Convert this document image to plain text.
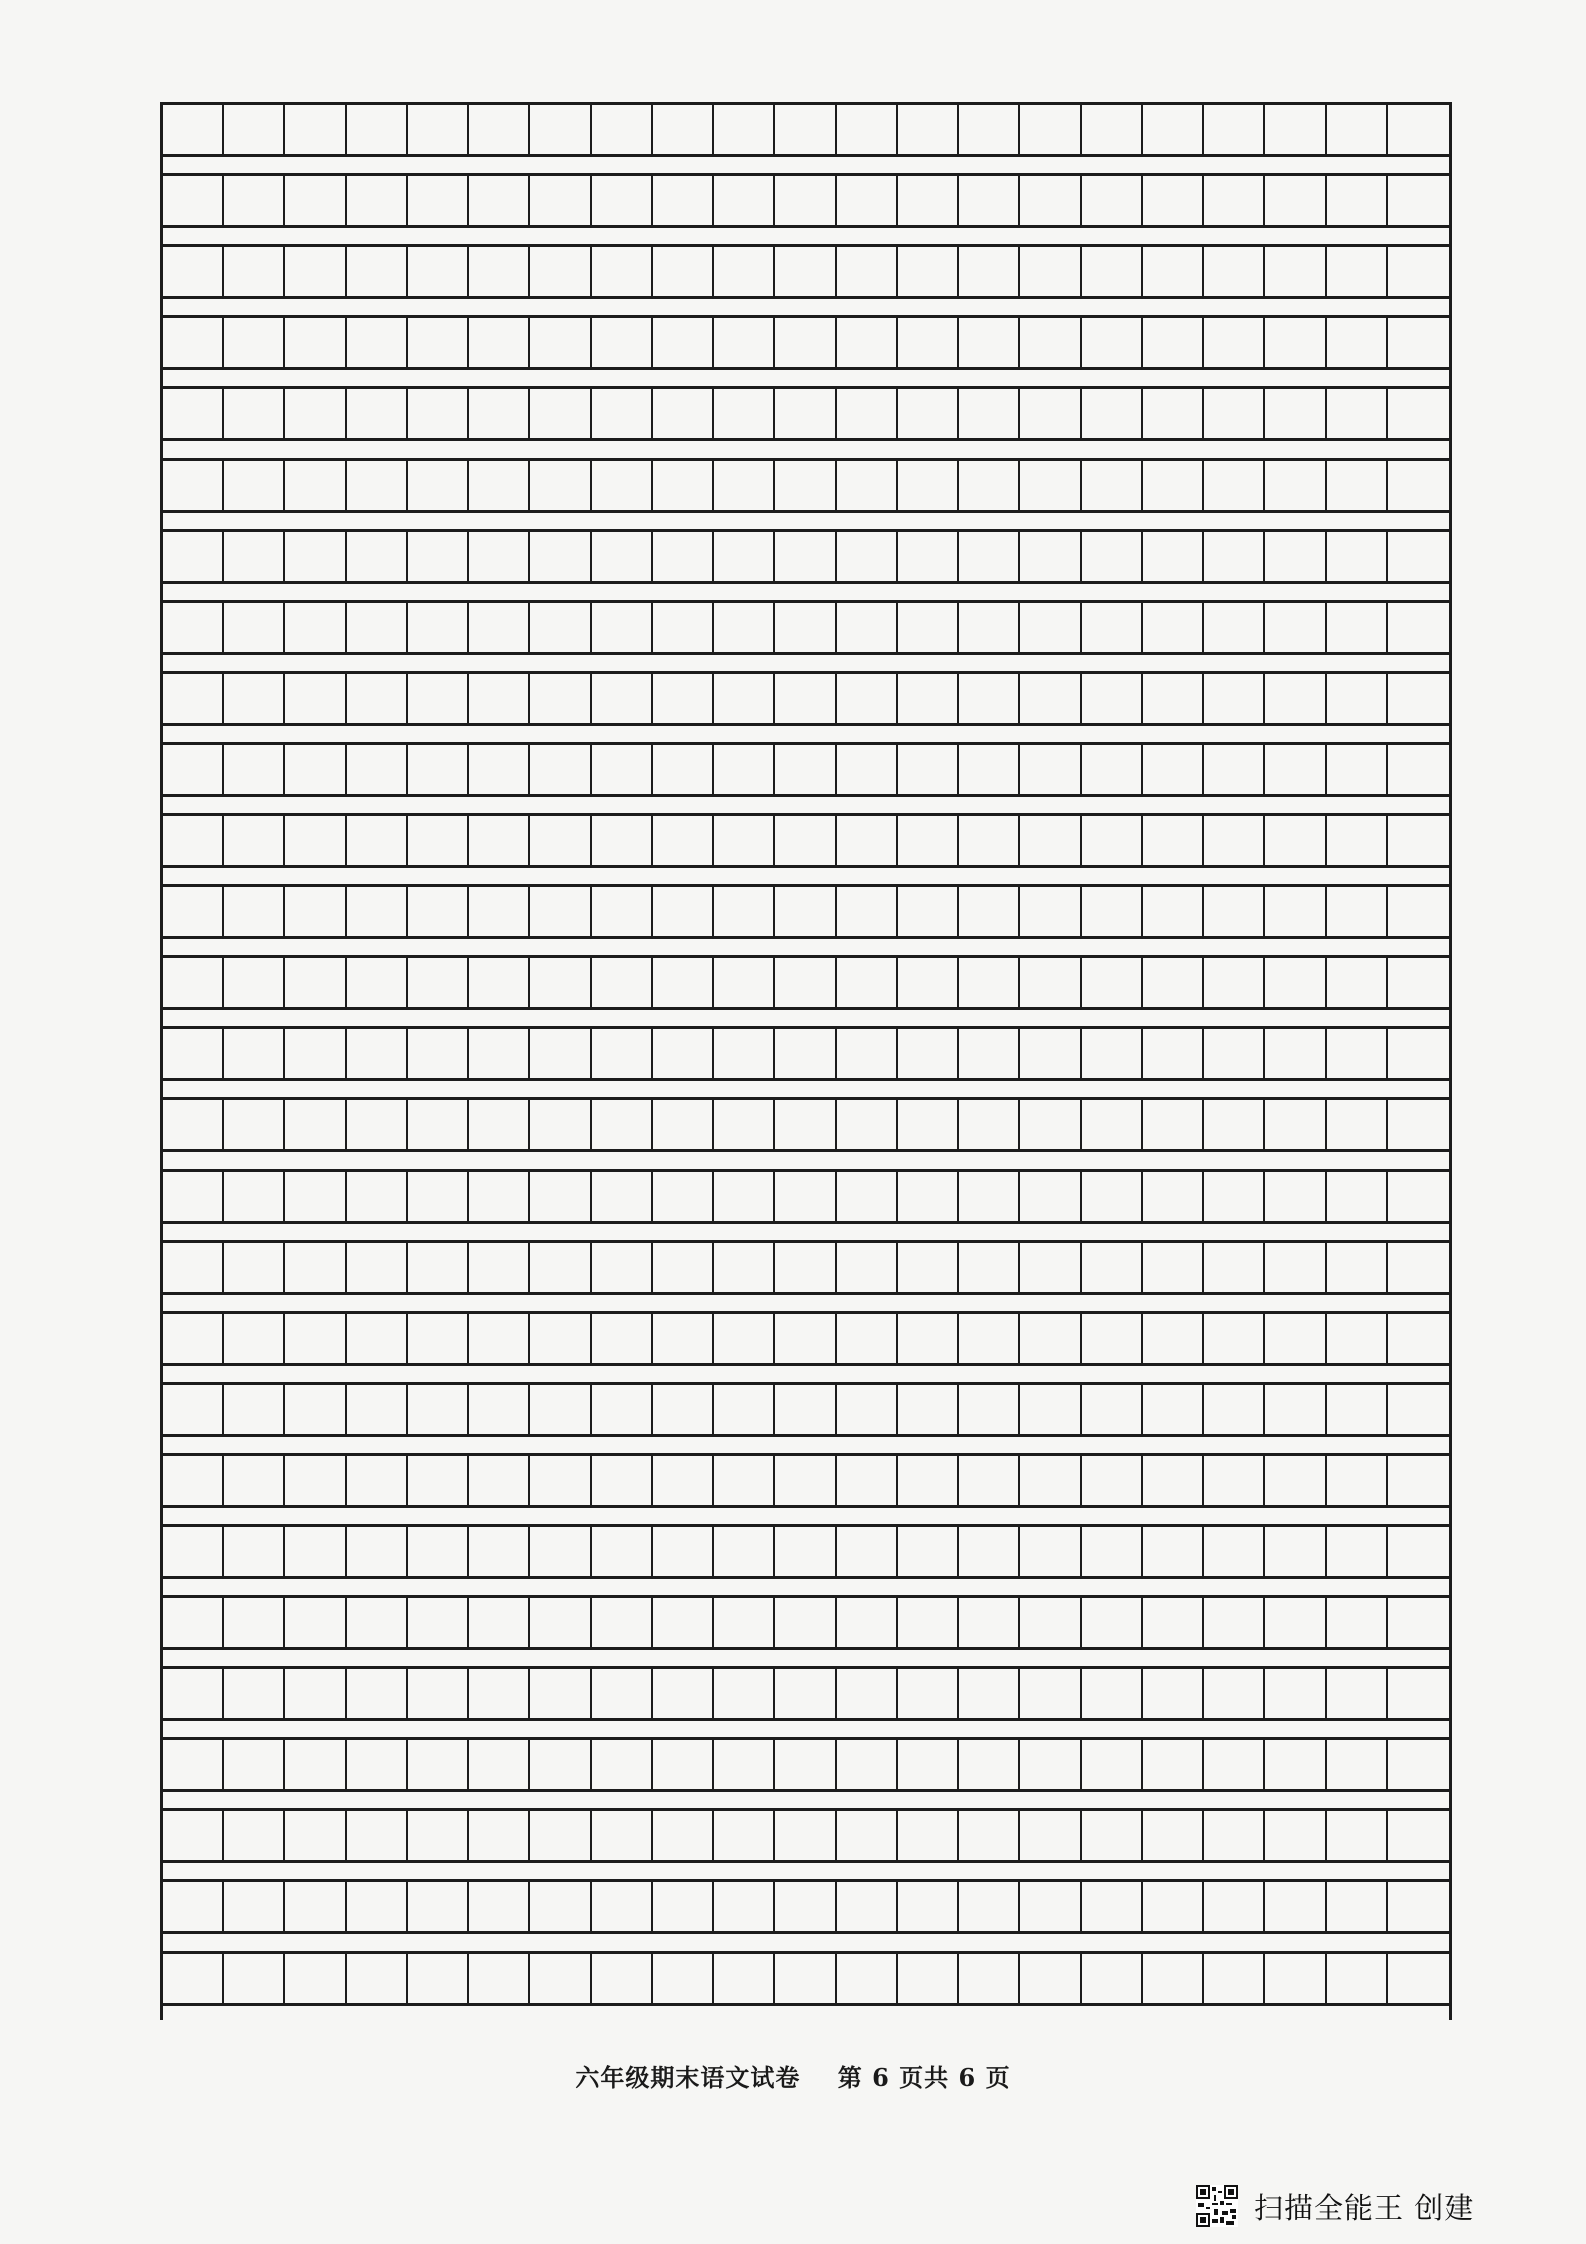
六年级期末语文试卷 第 6 页共 6 页
扫描全能王 创建
